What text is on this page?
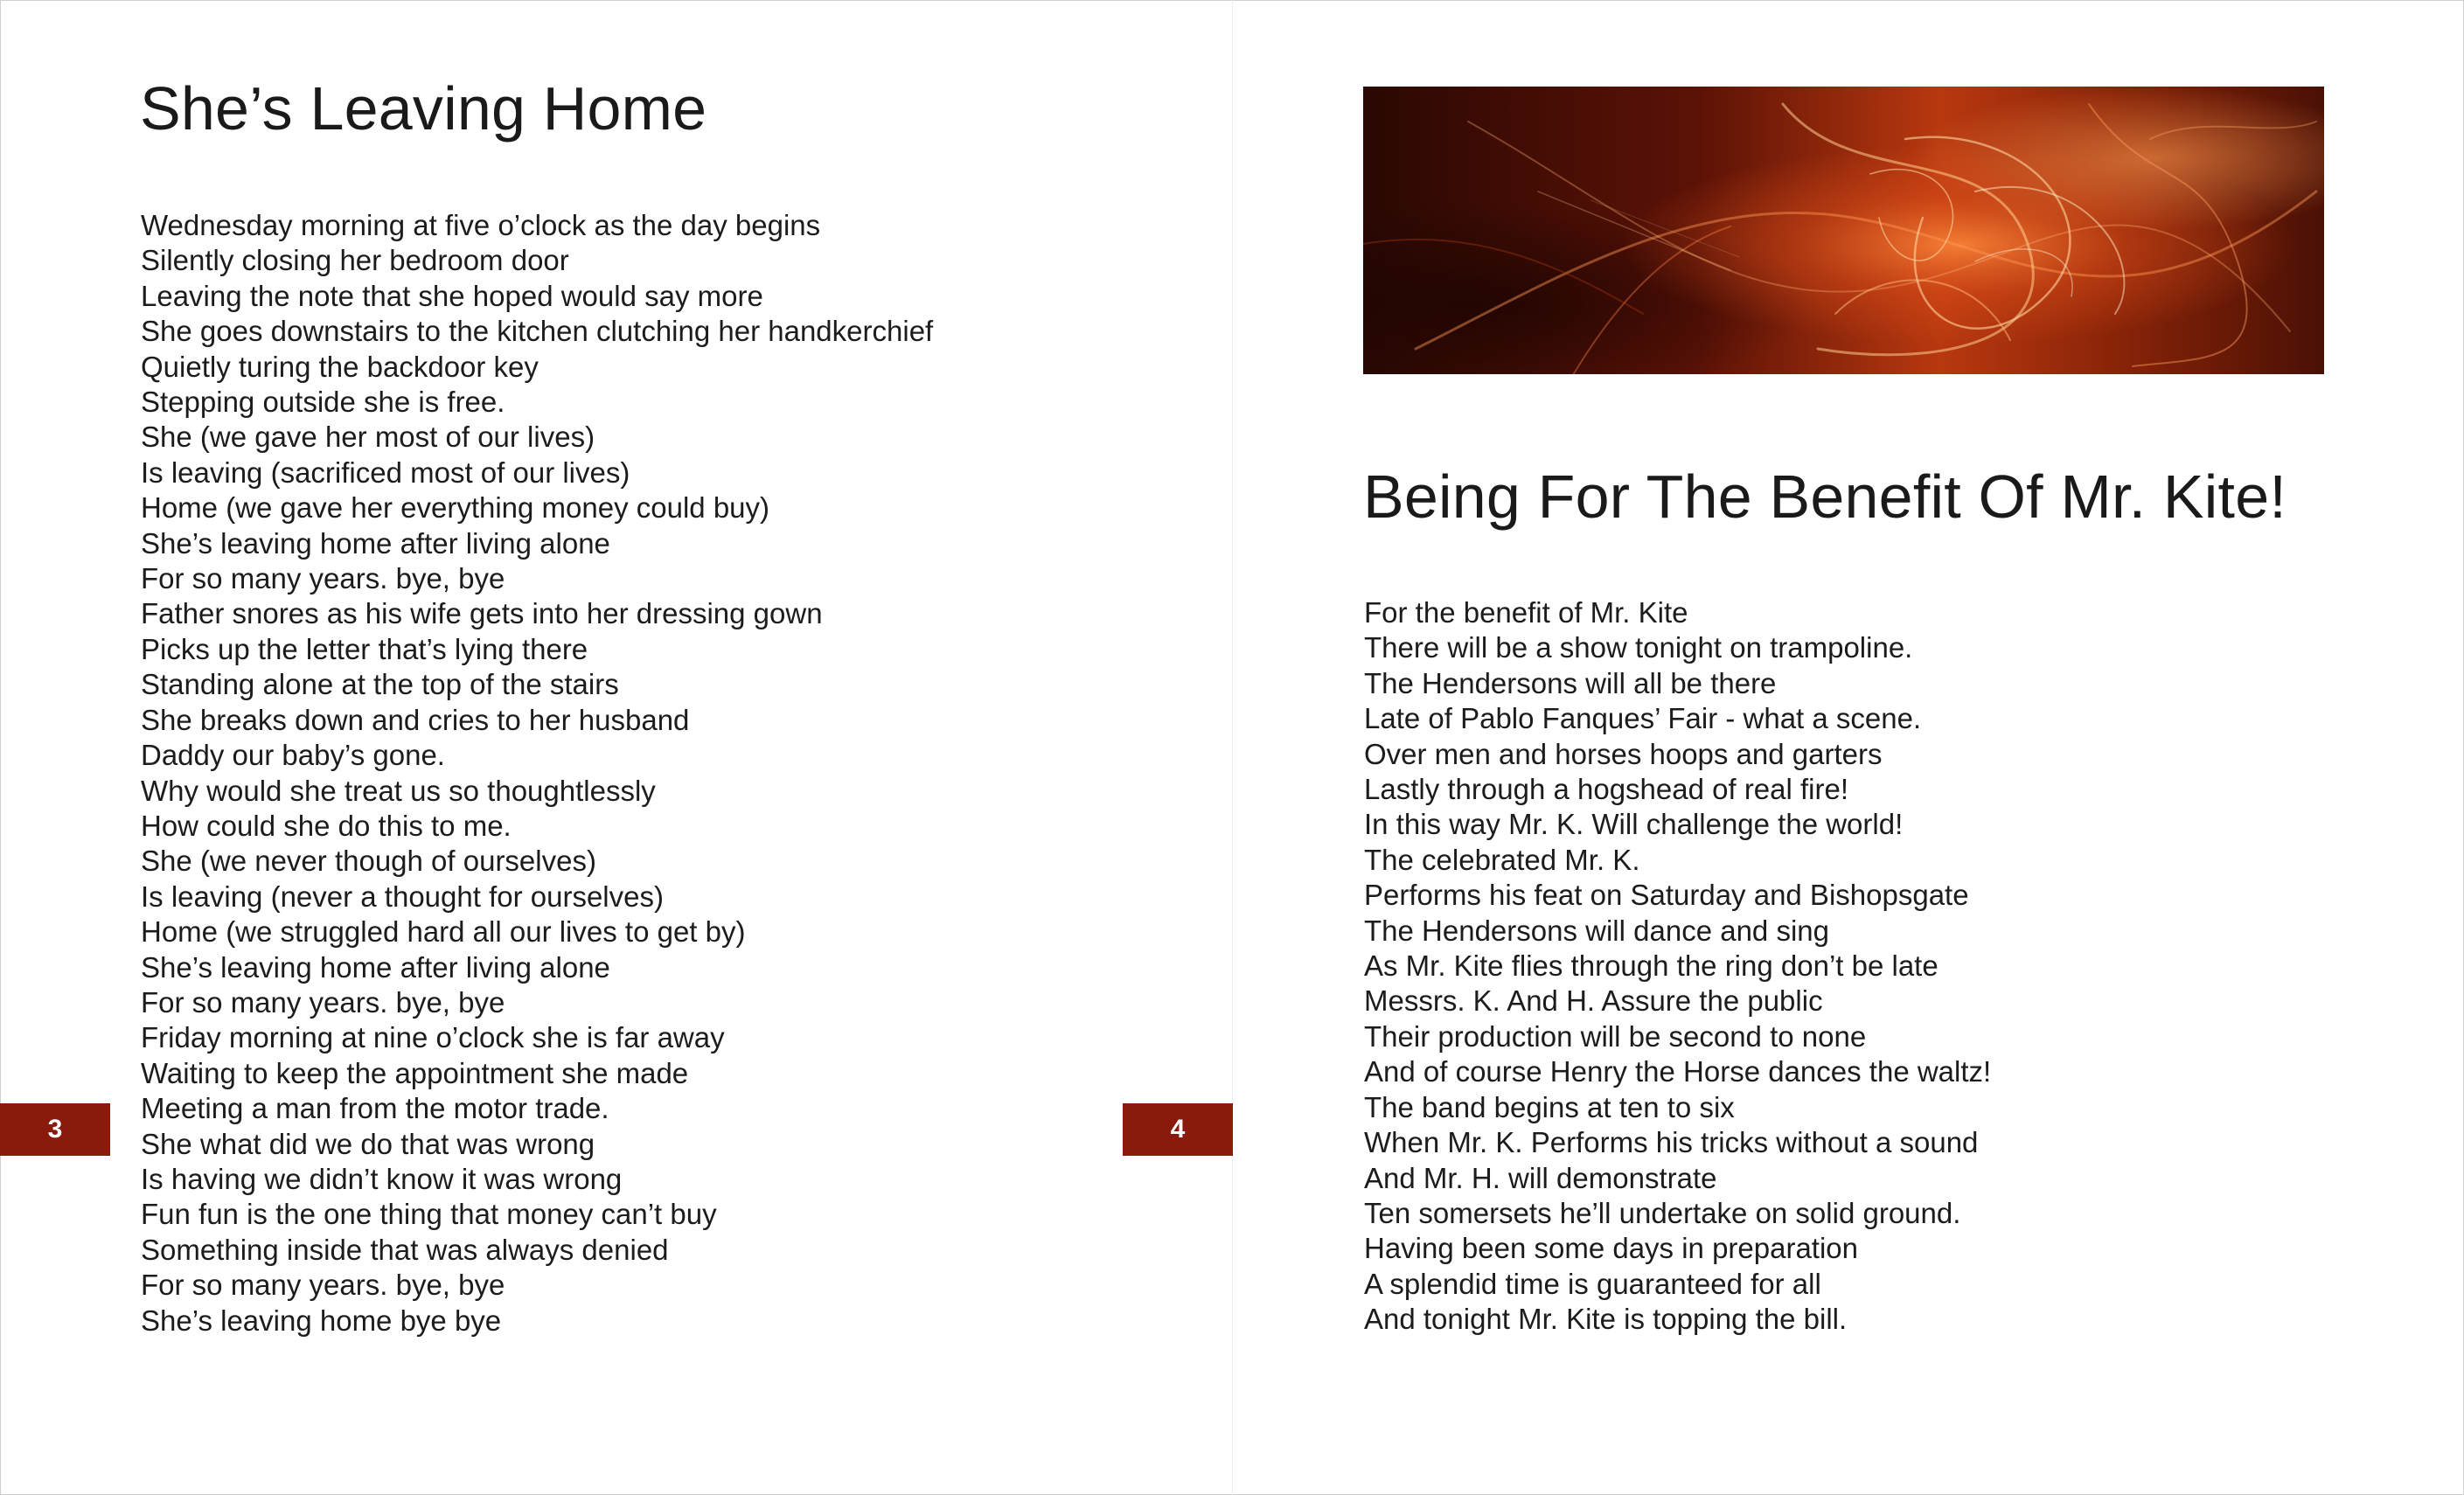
She’s Leaving Home
Wednesday morning at five o’clock as the day begins
Silently closing her bedroom door
Leaving the note that she hoped would say more
She goes downstairs to the kitchen clutching her handkerchief
Quietly turing the backdoor key
Stepping outside she is free.
She (we gave her most of our lives)
Is leaving (sacrificed most of our lives)
Home (we gave her everything money could buy)
She’s leaving home after living alone
For so many years. bye, bye
Father snores as his wife gets into her dressing gown
Picks up the letter that’s lying there
Standing alone at the top of the stairs
She breaks down and cries to her husband
Daddy our baby’s gone.
Why would she treat us so thoughtlessly
How could she do this to me.
She (we never though of ourselves)
Is leaving (never a thought for ourselves)
Home (we struggled hard all our lives to get by)
She’s leaving home after living alone
For so many years. bye, bye
Friday morning at nine o’clock she is far away
Waiting to keep the appointment she made
Meeting a man from the motor trade.
She what did we do that was wrong
Is having we didn’t know it was wrong
Fun fun is the one thing that money can’t buy
Something inside that was always denied
For so many years. bye, bye
She’s leaving home bye bye
Being For The Benefit Of Mr. Kite!
For the benefit of Mr. Kite
There will be a show tonight on trampoline.
The Hendersons will all be there
Late of Pablo Fanques’ Fair - what a scene.
Over men and horses hoops and garters
Lastly through a hogshead of real fire!
In this way Mr. K. Will challenge the world!
The celebrated Mr. K.
Performs his feat on Saturday and Bishopsgate
The Hendersons will dance and sing
As Mr. Kite flies through the ring don’t be late
Messrs. K. And H. Assure the public
Their production will be second to none
And of course Henry the Horse dances the waltz!
The band begins at ten to six
When Mr. K. Performs his tricks without a sound
And Mr. H. will demonstrate
Ten somersets he’ll undertake on solid ground.
Having been some days in preparation
A splendid time is guaranteed for all
And tonight Mr. Kite is topping the bill.
3	4
